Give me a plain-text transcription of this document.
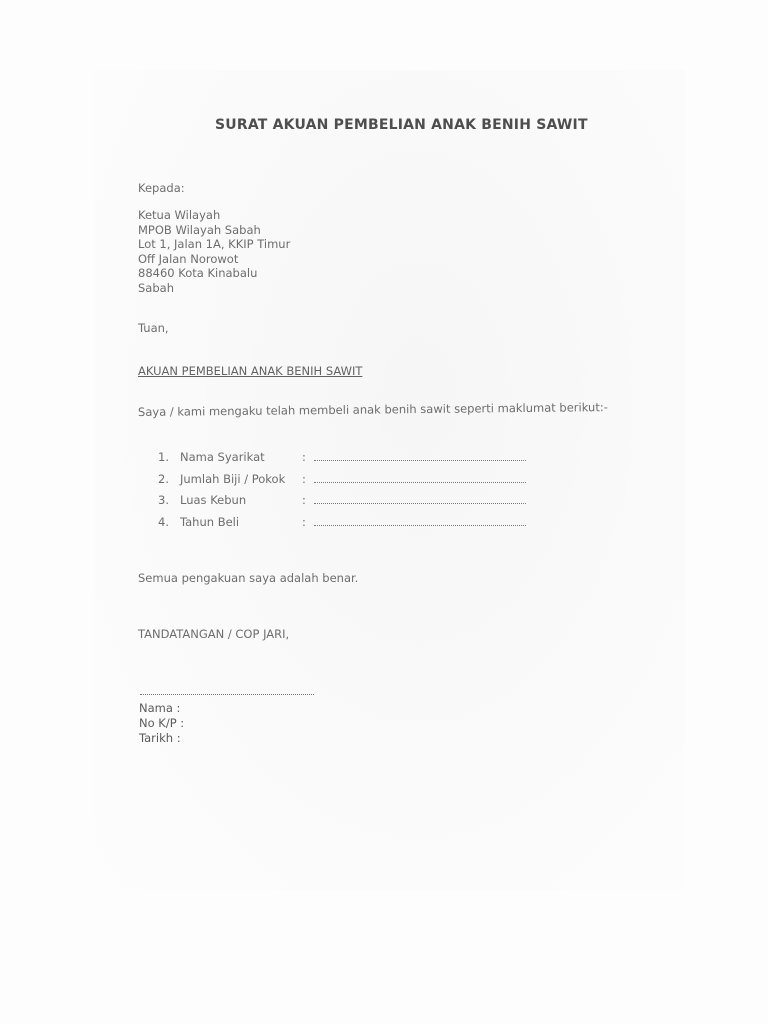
SURAT AKUAN PEMBELIAN ANAK BENIH SAWIT
Kepada:
Ketua Wilayah
MPOB Wilayah Sabah
Lot 1, Jalan 1A, KKIP Timur
Off Jalan Norowot
88460 Kota Kinabalu
Sabah
Tuan,
AKUAN PEMBELIAN ANAK BENIH SAWIT
Saya / kami mengaku telah membeli anak benih sawit seperti maklumat berikut:-
1. Nama Syarikat	:
2. Jumlah Biji / Pokok :
3. Luas Kebun	:
4. Tahun Beli	:
Semua pengakuan saya adalah benar.
TANDATANGAN / COP JARI,
Nama :
No K/P :
Tarikh :
